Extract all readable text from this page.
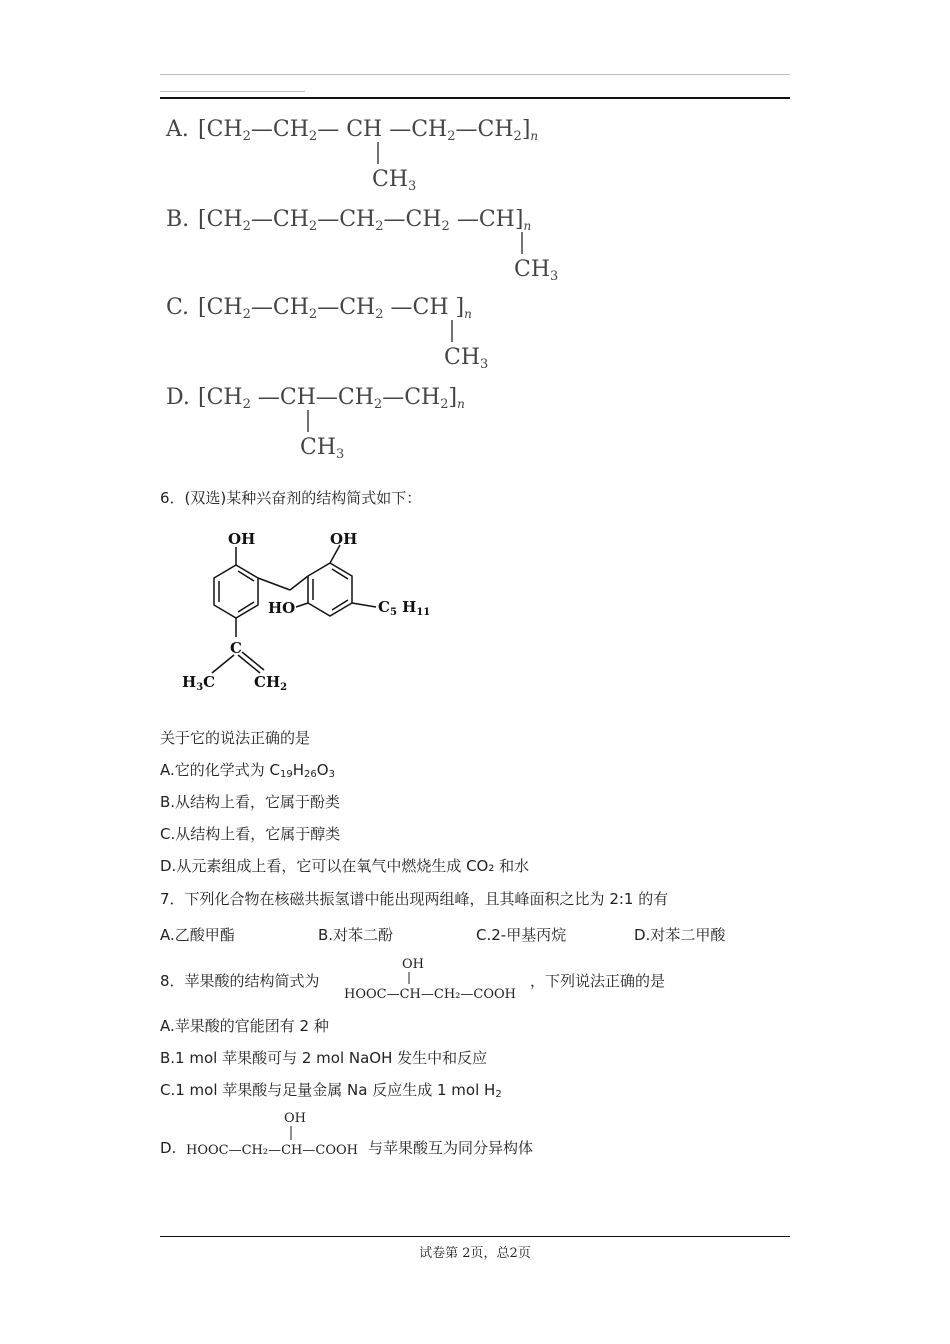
A. [CH2—CH2— CH —CH2—CH2]n
CH3
B. [CH2—CH2—CH2—CH2 —CH]n
CH3
C. [CH2—CH2—CH2 —CH ]n
CH3
D. [CH2 —CH—CH2—CH2]n
CH3
6．(双选)某种兴奋剂的结构简式如下：
OH	OH
HO	$C_5$ $H_{11}$
C
$H_3C$	$CH_2$
关于它的说法正确的是
A.它的化学式为 $C_{19}H_{26}O_3$
B.从结构上看，它属于酚类
C.从结构上看，它属于醇类
D.从元素组成上看，它可以在氧气中燃烧生成 CO₂ 和水
7．下列化合物在核磁共振氢谱中能出现两组峰，且其峰面积之比为 2:1 的有
A.乙酸甲酯	B.对苯二酚	C.2-甲基丙烷	D.对苯二甲酸
8．苹果酸的结构简式为
OH
HOOC—CH—CH₂—COOH
，下列说法正确的是
A.苹果酸的官能团有 2 种
B.1 mol 苹果酸可与 2 mol NaOH 发生中和反应
C.1 mol 苹果酸与足量金属 Na 反应生成 1 mol $H_2$
D.
OH
HOOC—CH₂—CH—COOH 与苹果酸互为同分异构体
试卷第 2页，总2页
